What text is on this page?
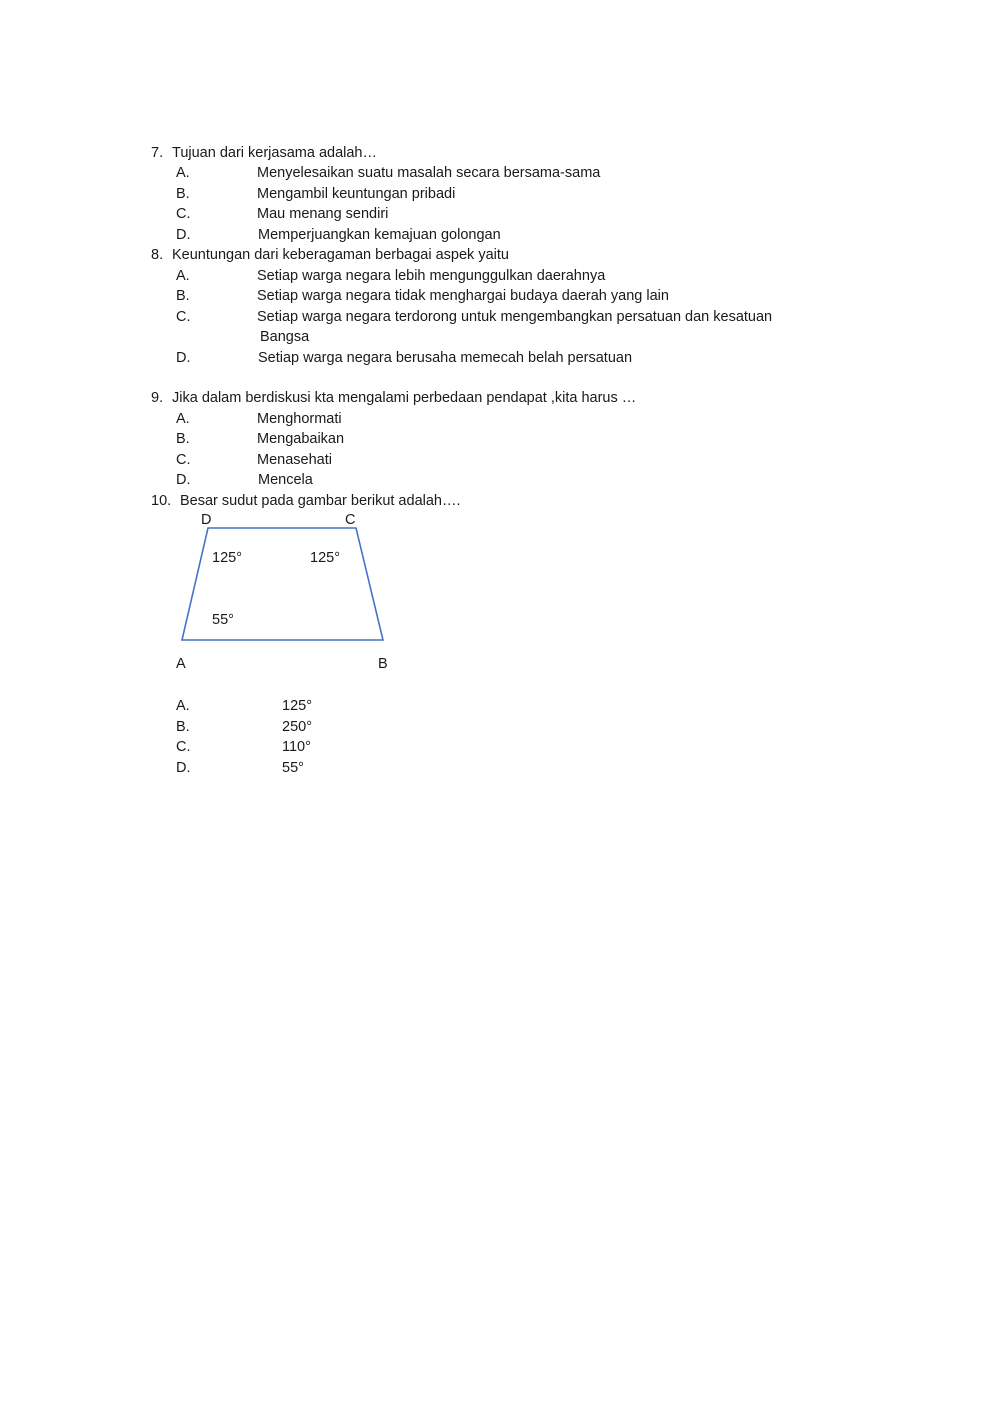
7. Tujuan dari kerjasama adalah…
A.	Menyelesaikan suatu masalah secara bersama-sama
B.	Mengambil keuntungan pribadi
C.	Mau menang sendiri
D.	Memperjuangkan kemajuan golongan
8. Keuntungan dari keberagaman berbagai aspek yaitu
A.	Setiap warga negara lebih mengunggulkan daerahnya
B.	Setiap warga negara tidak menghargai budaya daerah yang lain
C.	Setiap warga negara terdorong untuk mengembangkan persatuan dan kesatuan
Bangsa
D.	Setiap warga negara berusaha memecah belah persatuan
9. Jika dalam berdiskusi kta mengalami perbedaan pendapat ,kita harus …
A.	Menghormati
B.	Mengabaikan
C.	Menasehati
D.	Mencela
10. Besar sudut pada gambar berikut adalah….
D	C
125°	125°
55°
A	B
A.	125°
B.	250°
C.	110°
D.	55°
